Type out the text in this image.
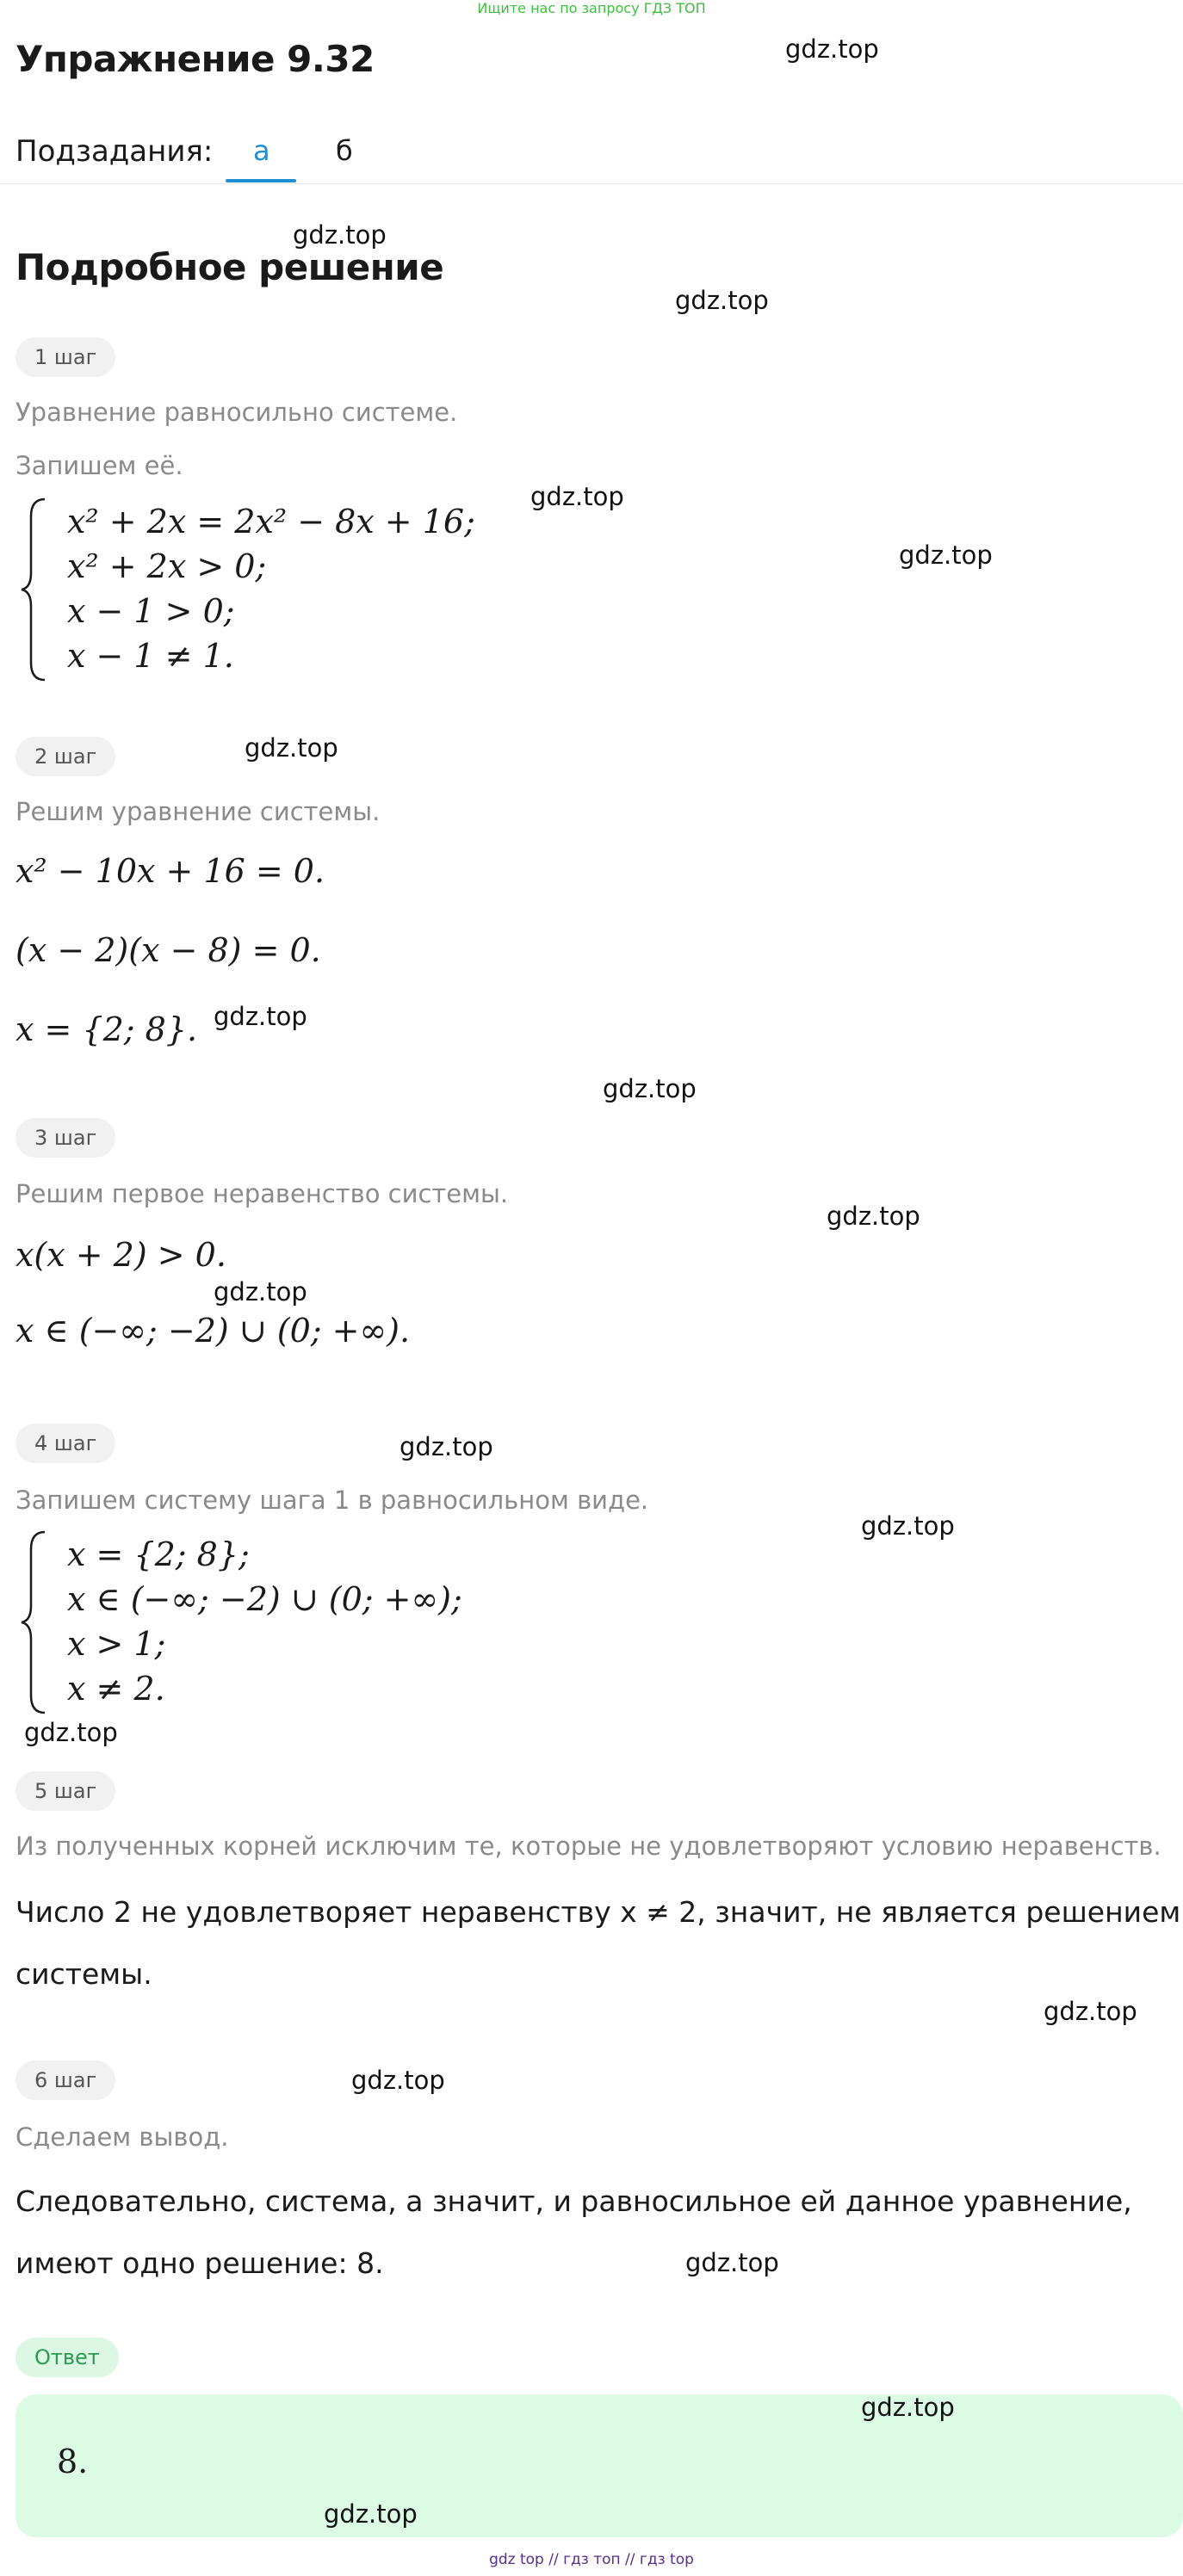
Ищите нас по запросу ГДЗ ТОП
Упражнение 9.32
Подзадания: а б
Подробное решение
1 шаг
Уравнение равносильно системе.
Запишем её.
x² + 2x = 2x² − 8x + 16;
x² + 2x > 0;
x − 1 > 0;
x − 1 ≠ 1.
2 шаг
Решим уравнение системы.
x² − 10x + 16 = 0.
(x − 2)(x − 8) = 0.
x = {2; 8}.
3 шаг
Решим первое неравенство системы.
x(x + 2) > 0.
x ∈ (−∞; −2) ∪ (0; +∞).
4 шаг
Запишем систему шага 1 в равносильном виде.
x = {2; 8};
x ∈ (−∞; −2) ∪ (0; +∞);
x > 1;
x ≠ 2.
5 шаг
Из полученных корней исключим те, которые не удовлетворяют условию неравенств.
Число 2 не удовлетворяет неравенству x ≠ 2, значит, не является решением
системы.
6 шаг
Сделаем вывод.
Следовательно, система, а значит, и равносильное ей данное уравнение,
имеют одно решение: 8.
Ответ
8.
gdz.top
gdz.top
gdz.top
gdz.top
gdz.top
gdz.top
gdz.top
gdz.top
gdz.top
gdz.top
gdz.top
gdz.top
gdz.top
gdz.top
gdz.top
gdz.top
gdz.top
gdz.top
gdz top // гдз топ // гдз top
